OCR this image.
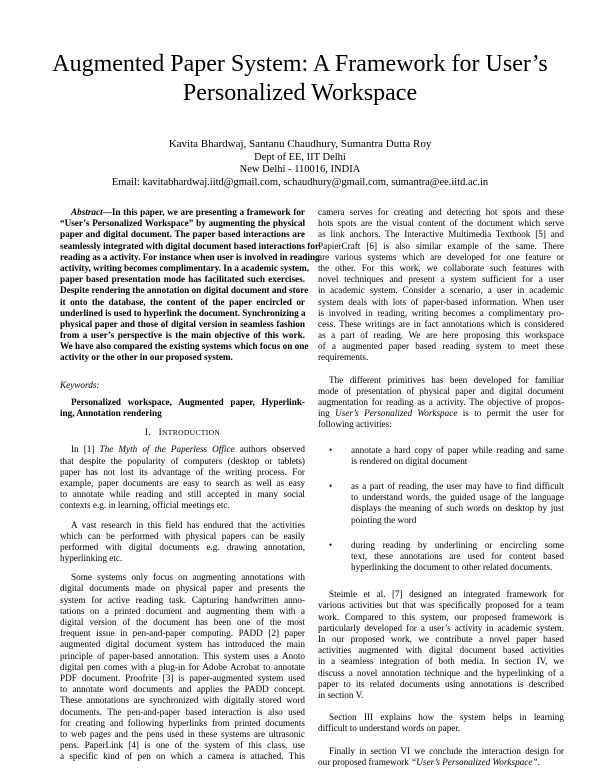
Augmented Paper System: A Framework for User’s
Personalized Workspace
Kavita Bhardwaj, Santanu Chaudhury, Sumantra Dutta Roy
Dept of EE, IIT Delhi
New Delhi - 110016, INDIA
Email: kavitabhardwaj.iitd@gmail.com, schaudhury@gmail.com, sumantra@ee.iitd.ac.in
Abstract—In this paper, we are presenting a framework for
“User’s Personalized Workspace” by augmenting the physical
paper and digital document. The paper based interactions are
seamlessly integrated with digital document based interactions for
reading as a activity. For instance when user is involved in reading
activity, writing becomes complimentary. In a academic system,
paper based presentation mode has facilitated such exercises.
Despite rendering the annotation on digital document and store
it onto the database, the content of the paper encircled or
underlined is used to hyperlink the document. Synchronizing a
physical paper and those of digital version in seamless fashion
from a user’s perspective is the main objective of this work.
We have also compared the existing systems which focus on one
activity or the other in our proposed system.
Keywords:
Personalized workspace, Augmented paper, Hyperlink-
ing, Annotation rendering
I. INTRODUCTION
In [1] The Myth of the Paperless Office authors observed
that despite the popularity of computers (desktop or tablets)
paper has not lost its advantage of the writing process. For
example, paper documents are easy to search as well as easy
to annotate while reading and still accepted in many social
contexts e.g. in learning, official meetings etc.
A vast research in this field has endured that the activities
which can be performed with physical papers can be easily
performed with digital documents e.g. drawing annotation,
hyperlinking etc.
Some systems only focus on augmenting annotations with
digital documents made on physical paper and presents the
system for active reading task. Capturing handwritten anno-
tations on a printed document and augmenting them with a
digital version of the document has been one of the most
frequent issue in pen-and-paper computing. PADD [2] paper
augmented digital document system has introduced the main
principle of paper-based annotation. This system uses a Anoto
digital pen comes with a plug-in for Adobe Acrobat to annotate
PDF document. Proofrite [3] is paper-augmented system used
to annotate word documents and applies the PADD concept.
These annotations are synchronized with digitally stored word
documents. The pen-and-paper based interaction is also used
for creating and following hyperlinks from printed documents
to web pages and the pens used in these systems are ultrasonic
pens. PaperLink [4] is one of the system of this class, use
a specific kind of pen on which a camera is attached. This
camera serves for creating and detecting hot spots and these
hots spots are the visual content of the document which serve
as link anchors. The Interactive Multimedia Textbook [5] and
PapierCraft [6] is also similar example of the same. There
are various systems which are developed for one feature or
the other. For this work, we collaborate such features with
novel techniques and present a system sufficient for a user
in academic system. Consider a scenario, a user in academic
system deals with lots of paper-based information. When user
is involved in reading, writing becomes a complimentary pro-
cess. These writings are in fact annotations which is considered
as a part of reading. We are here proposing this workspace
of a augmented paper based reading system to meet these
requirements.
The different primitives has been developed for familiar
mode of presentation of physical paper and digital document
augmentation for reading as a activity. The objective of propos-
ing User’s Personalized Workspace is to permit the user for
following activities:
• annotate a hard copy of paper while reading and same
is rendered on digital document
• as a part of reading, the user may have to find difficult
to understand words, the guided usage of the language
displays the meaning of such words on desktop by just
pointing the word
• during reading by underlining or encircling some
text, these annotations are used for content based
hyperlinking the document to other related documents.
Steimle et al. [7] designed an integrated framework for
various activities but that was specifically proposed for a team
work. Compared to this system, our proposed framework is
particularly developed for a user’s activity in academic system.
In our proposed work, we contribute a novel paper based
activities augmented with digital document based activities
in a seamless integration of both media. In section IV, we
discuss a novel annotation technique and the hyperlinking of a
paper to its related documents using annotations is described
in section V.
Section III explains how the system helps in learning
difficult to understand words on paper.
Finally in section VI we conclude the interaction design for
our proposed framework “User’s Personalized Workspace”.
